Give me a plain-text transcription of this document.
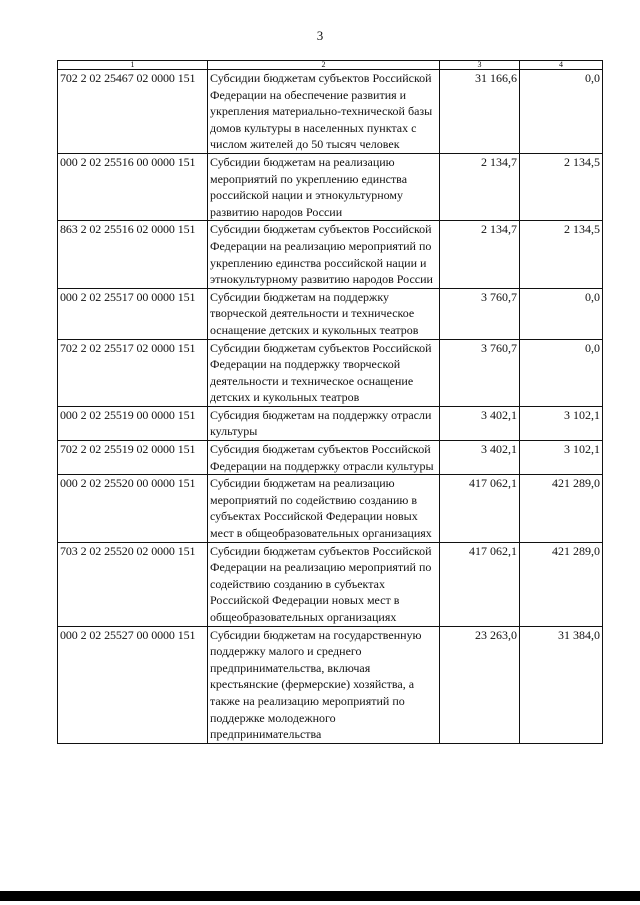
3
1	2	3	4
702 2 02 25467 02 0000 151	Субсидии бюджетам субъектов Российской Федерации на обеспечение развития и укрепления материально-технической базы домов культуры в населенных пунктах с числом жителей до 50 тысяч человек	31 166,6	0,0
000 2 02 25516 00 0000 151	Субсидии бюджетам на реализацию мероприятий по укреплению единства российской нации и этнокультурному развитию народов России	2 134,7	2 134,5
863 2 02 25516 02 0000 151	Субсидии бюджетам субъектов Российской Федерации на реализацию мероприятий по укреплению единства российской нации и этнокультурному развитию народов России	2 134,7	2 134,5
000 2 02 25517 00 0000 151	Субсидии бюджетам на поддержку творческой деятельности и техническое оснащение детских и кукольных театров	3 760,7	0,0
702 2 02 25517 02 0000 151	Субсидии бюджетам субъектов Российской Федерации на поддержку творческой деятельности и техническое оснащение детских и кукольных театров	3 760,7	0,0
000 2 02 25519 00 0000 151	Субсидия бюджетам на поддержку отрасли культуры	3 402,1	3 102,1
702 2 02 25519 02 0000 151	Субсидия бюджетам субъектов Российской Федерации на поддержку отрасли культуры	3 402,1	3 102,1
000 2 02 25520 00 0000 151	Субсидии бюджетам на реализацию мероприятий по содействию созданию в субъектах Российской Федерации новых мест в общеобразовательных организациях	417 062,1	421 289,0
703 2 02 25520 02 0000 151	Субсидии бюджетам субъектов Российской Федерации на реализацию мероприятий по содействию созданию в субъектах Российской Федерации новых мест в общеобразовательных организациях	417 062,1	421 289,0
000 2 02 25527 00 0000 151	Субсидии бюджетам на государственную поддержку малого и среднего предпринимательства, включая крестьянские (фермерские) хозяйства, а также на реализацию мероприятий по поддержке молодежного предпринимательства	23 263,0	31 384,0
